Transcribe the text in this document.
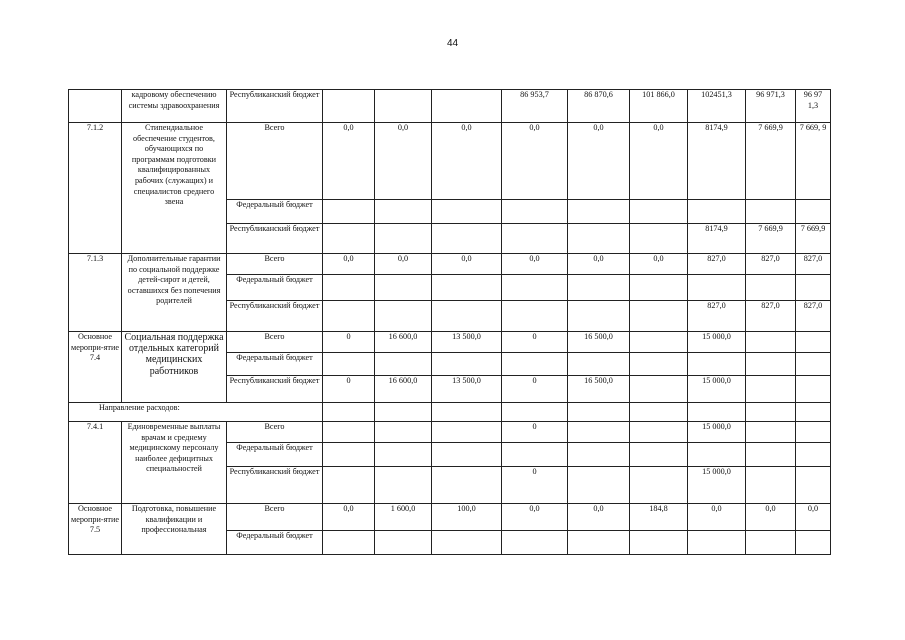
44
	кадровому обеспечению системы здравоохранения	Республиканский бюджет				86 953,7	86 870,6	101 866,0	102451,3	96 971,3	96 97 1,3
7.1.2	Стипендиальное обеспечение студентов, обучающихся по программам подготовки квалифицированных рабочих (служащих) и специалистов среднего звена	Всего	0,0	0,0	0,0	0,0	0,0	0,0	8174,9	7 669,9	7 669, 9
		Федеральный бюджет									
		Республиканский бюджет							8174,9	7 669,9	7 669,9
7.1.3	Дополнительные гарантии по социальной поддержке детей-сирот и детей, оставшихся без попечения родителей	Всего	0,0	0,0	0,0	0,0	0,0	0,0	827,0	827,0	827,0
		Федеральный бюджет									
		Республиканский бюджет							827,0	827,0	827,0
Основное меропри-ятие 7.4	Социальная поддержка отдельных категорий медицинских работников	Всего	0	16 600,0	13 500,0	0	16 500,0		15 000,0		
		Федеральный бюджет									
		Республиканский бюджет	0	16 600,0	13 500,0	0	16 500,0		15 000,0		
Направление расходов:											
7.4.1	Единовременные выплаты врачам и среднему медицинскому персоналу наиболее дефицитных специальностей	Всего				0			15 000,0		
		Федеральный бюджет									
		Республиканский бюджет				0			15 000,0		
Основное меропри-ятие 7.5	Подготовка, повышение квалификации и профессиональная	Всего	0,0	1 600,0	100,0	0,0	0,0	184,8	0,0	0,0	0,0
		Федеральный бюджет									
